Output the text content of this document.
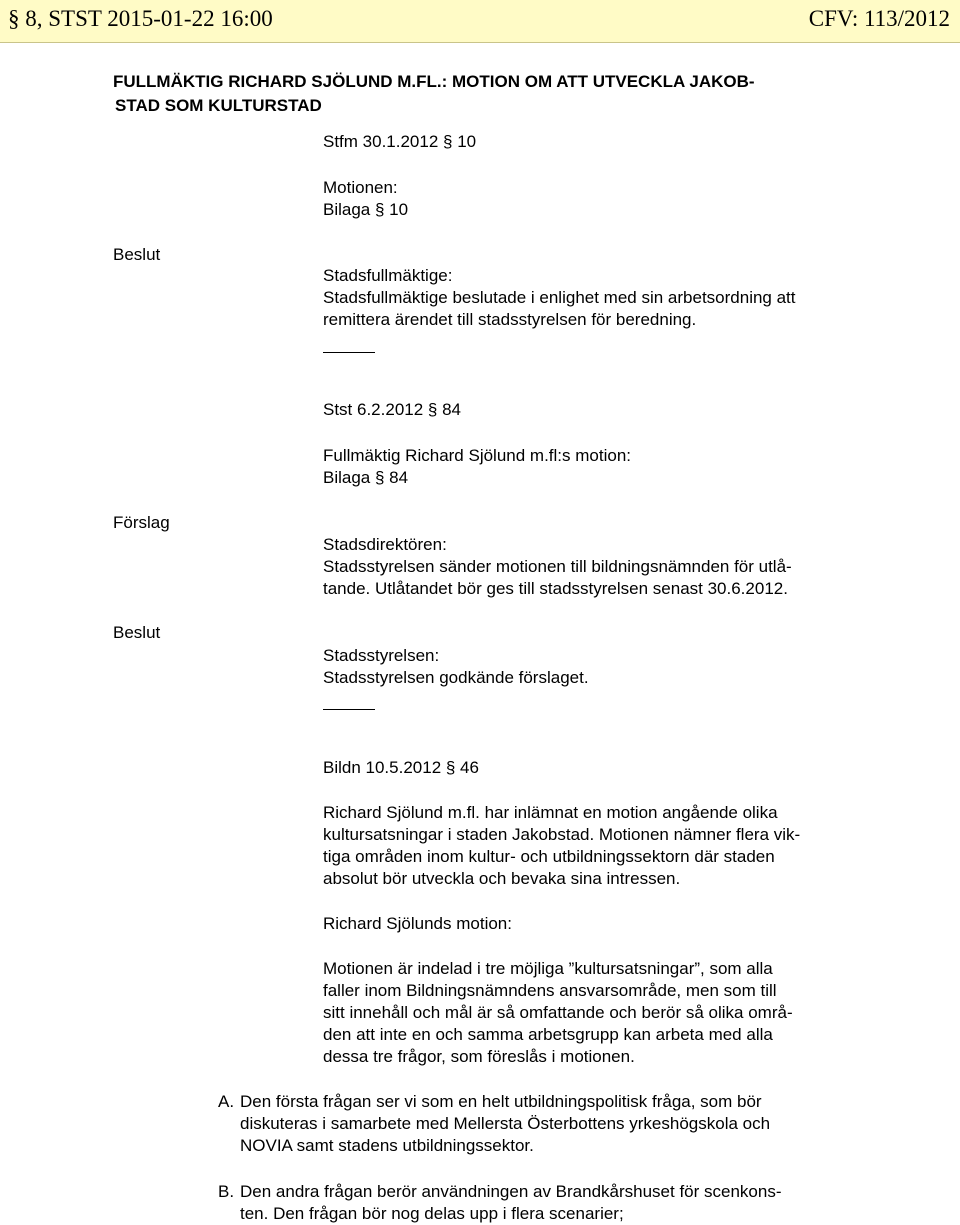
§ 8, STST 2015-01-22 16:00	CFV: 113/2012
FULLMÄKTIG RICHARD SJÖLUND M.FL.: MOTION OM ATT UTVECKLA JAKOB-
STAD SOM KULTURSTAD
Stfm 30.1.2012 § 10
Motionen:
Bilaga § 10
Beslut
Stadsfullmäktige:
Stadsfullmäktige beslutade i enlighet med sin arbetsordning att
remittera ärendet till stadsstyrelsen för beredning.
Stst 6.2.2012 § 84
Fullmäktig Richard Sjölund m.fl:s motion:
Bilaga § 84
Förslag
Stadsdirektören:
Stadsstyrelsen sänder motionen till bildningsnämnden för utlå-
tande. Utlåtandet bör ges till stadsstyrelsen senast 30.6.2012.
Beslut
Stadsstyrelsen:
Stadsstyrelsen godkände förslaget.
Bildn 10.5.2012 § 46
Richard Sjölund m.fl. har inlämnat en motion angående olika
kultursatsningar i staden Jakobstad. Motionen nämner flera vik-
tiga områden inom kultur- och utbildningssektorn där staden
absolut bör utveckla och bevaka sina intressen.
Richard Sjölunds motion:
Motionen är indelad i tre möjliga ”kultursatsningar”, som alla
faller inom Bildningsnämndens ansvarsområde, men som till
sitt innehåll och mål är så omfattande och berör så olika områ-
den att inte en och samma arbetsgrupp kan arbeta med alla
dessa tre frågor, som föreslås i motionen.
A. Den första frågan ser vi som en helt utbildningspolitisk fråga, som bör
diskuteras i samarbete med Mellersta Österbottens yrkeshögskola och
NOVIA samt stadens utbildningssektor.
B. Den andra frågan berör användningen av Brandkårshuset för scenkons-
ten. Den frågan bör nog delas upp i flera scenarier;
